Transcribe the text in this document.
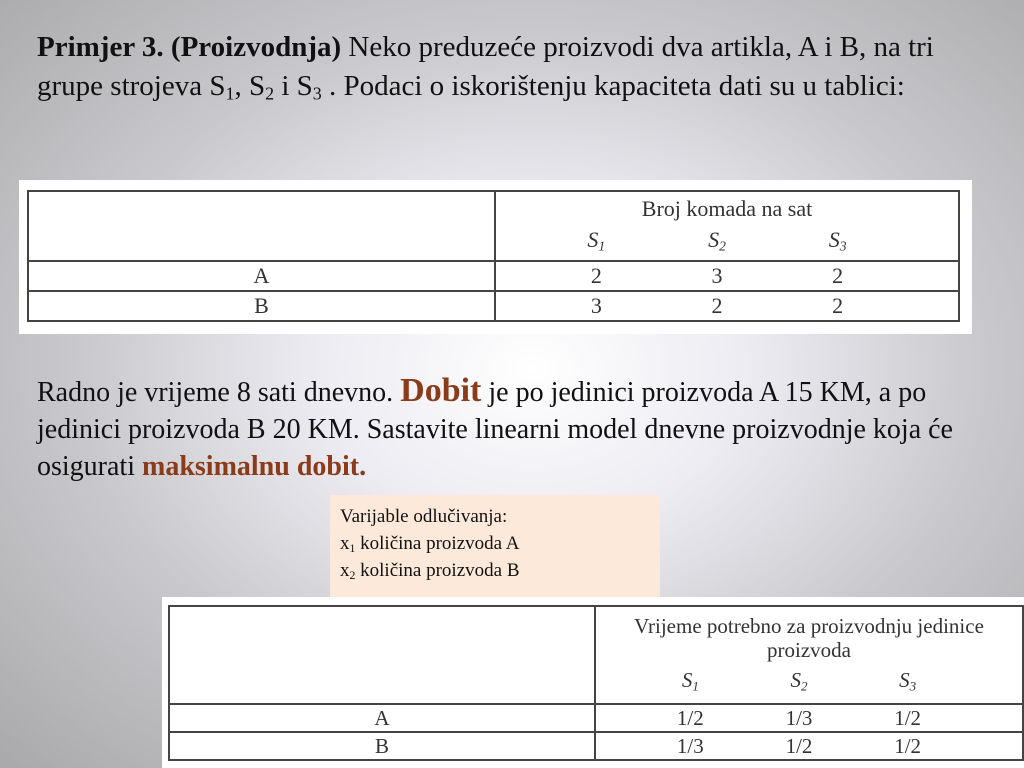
Primjer 3. (Proizvodnja) Neko preduzeće proizvodi dva artikla, A i B, na tri grupe strojeva $S_1$, $S_2$ i $S_3$ . Podaci o iskorištenju kapaciteta dati su u tablici:

	Broj komada na sat
$S_1$ $S_2$ $S_3$

A	2 3 2

B	3 2 2

Radno je vrijeme 8 sati dnevno. Dobit je po jedinici proizvoda A 15 KM, a po jedinici proizvoda B 20 KM. Sastavite linearni model dnevne proizvodnje koja će osigurati maksimalnu dobit.

Varijable odlučivanja:
$x_1$ količina proizvoda A
$x_2$ količina proizvoda B

	Vrijeme potrebno za proizvodnju jedinice proizvoda
$S_1$ $S_2$ $S_3$

A	1/2 1/3 1/2

B	1/3 1/2 1/2
